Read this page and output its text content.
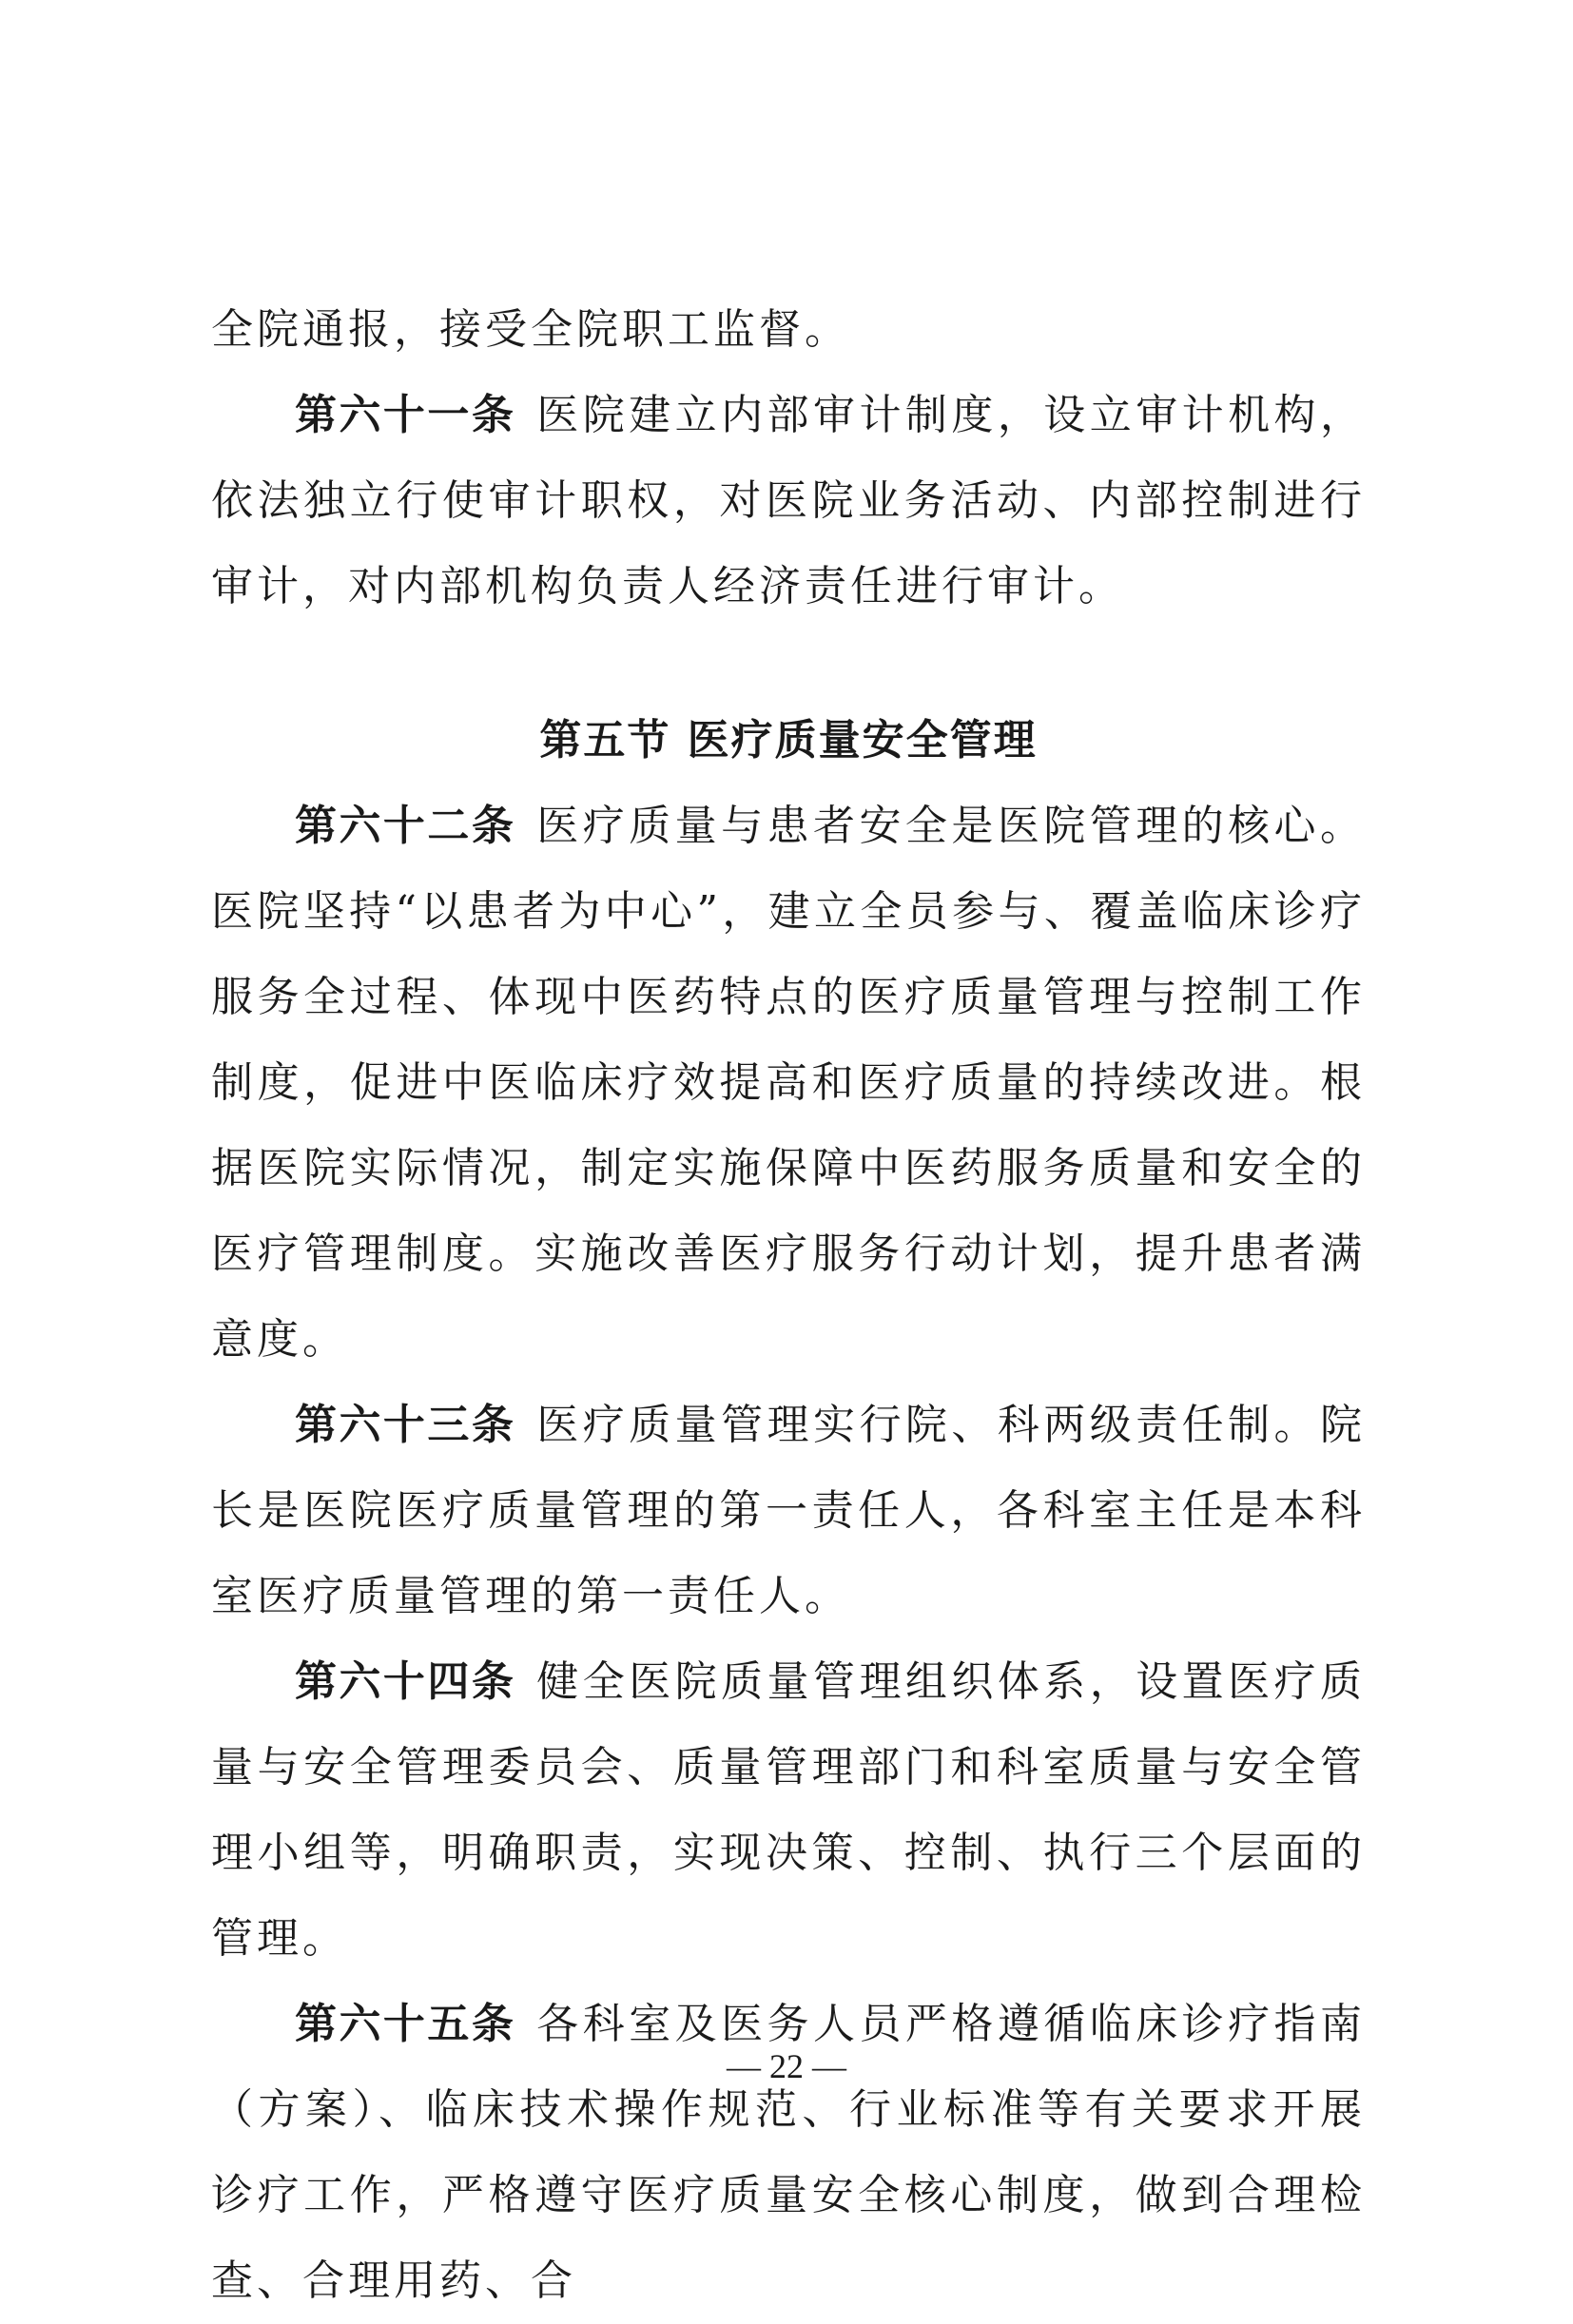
全院通报，接受全院职工监督。

第六十一条 医院建立内部审计制度，设立审计机构，依法独立行使审计职权，对医院业务活动、内部控制进行审计，对内部机构负责人经济责任进行审计。

第五节 医疗质量安全管理

第六十二条 医疗质量与患者安全是医院管理的核心。医院坚持“以患者为中心”，建立全员参与、覆盖临床诊疗服务全过程、体现中医药特点的医疗质量管理与控制工作制度，促进中医临床疗效提高和医疗质量的持续改进。根据医院实际情况，制定实施保障中医药服务质量和安全的医疗管理制度。实施改善医疗服务行动计划，提升患者满意度。

第六十三条 医疗质量管理实行院、科两级责任制。院长是医院医疗质量管理的第一责任人，各科室主任是本科室医疗质量管理的第一责任人。

第六十四条 健全医院质量管理组织体系，设置医疗质量与安全管理委员会、质量管理部门和科室质量与安全管理小组等，明确职责，实现决策、控制、执行三个层面的管理。

第六十五条 各科室及医务人员严格遵循临床诊疗指南（方案）、临床技术操作规范、行业标准等有关要求开展诊疗工作，严格遵守医疗质量安全核心制度，做到合理检查、合理用药、合

— 22 —
